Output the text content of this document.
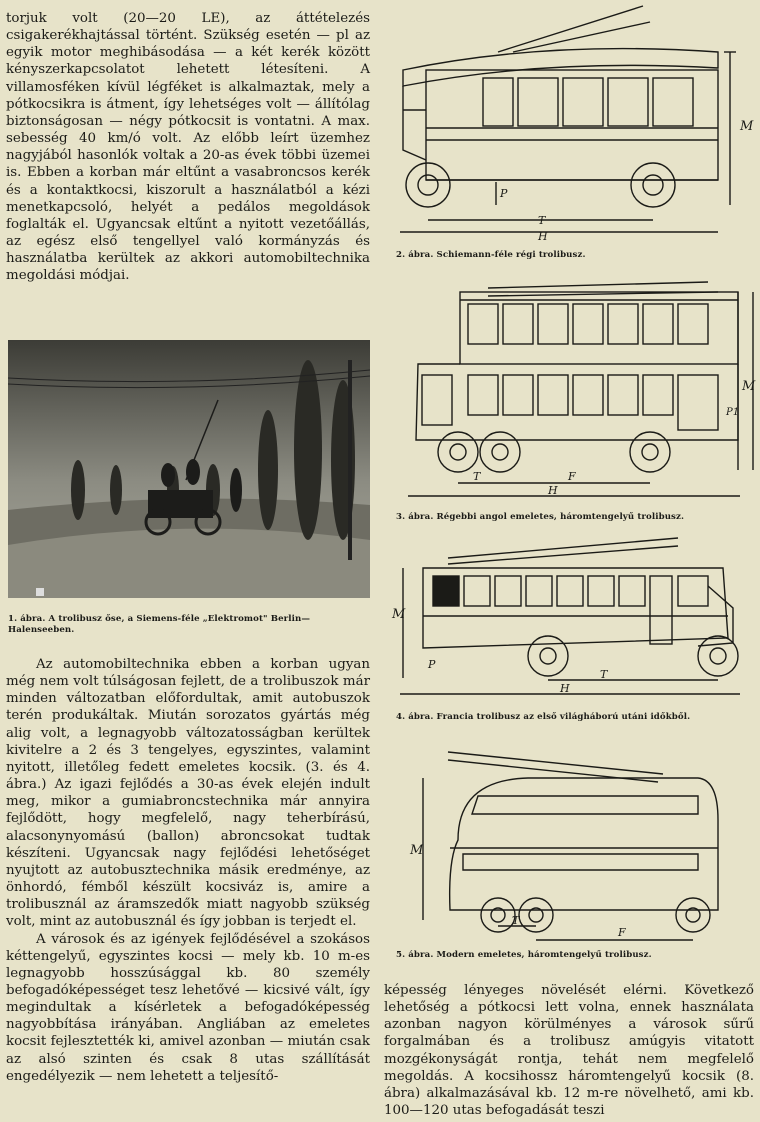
torjuk volt (20—20 LE), az áttételezés csigakerékhajtással történt. Szükség esetén — pl az egyik motor meghibásodása — a két kerék között kényszerkapcsolatot lehetett létesíteni. A villamosféken kívül légféket is alkalmaztak, mely a pótkocsikra is átment, így lehetséges volt — állítólag biztonságosan — négy pótkocsit is vontatni. A max. sebesség 40 km/ó volt. Az előbb leírt üzemhez nagyjából hasonlók voltak a 20-as évek többi üzemei is. Ebben a korban már eltűnt a vasabroncsos kerék és a kontaktkocsi, kiszorult a használatból a kézi menetkapcsoló, helyét a pedálos megoldások foglalták el. Ugyancsak eltűnt a nyitott vezetőállás, az egész első tengellyel való kormányzás és használatba kerültek az akkori automobiltechnika megoldási módjai.

1. ábra. A trolibusz őse, a Siemens-féle „Elektromot" Berlin—Halenseeben.

Az automobiltechnika ebben a korban ugyan még nem volt túlságosan fejlett, de a trolibuszok már minden változatban előfordultak, amit autobuszok terén produkáltak. Miután sorozatos gyártás még alig volt, a legnagyobb változatosságban kerültek kivitelre a 2 és 3 tengelyes, egyszintes, valamint nyitott, illetőleg fedett emeletes kocsik. (3. és 4. ábra.) Az igazi fejlődés a 30-as évek elején indult meg, mikor a gumiabroncstechnika már annyira fejlődött, hogy megfelelő, nagy teherbírású, alacsonynyomású (ballon) abroncsokat tudtak készíteni. Ugyancsak nagy fejlődési lehetőséget nyujtott az autobusztechnika másik eredménye, az önhordó, fémből készült kocsiváz is, amire a trolibusznál az áramszedők miatt nagyobb szükség volt, mint az autobusznál és így jobban is terjedt el.

A városok és az igények fejlődésével a szokásos kéttengelyű, egyszintes kocsi — mely kb. 10 m-es legnagyobb hosszúsággal kb. 80 személy befogadóképességet tesz lehetővé — kicsivé vált, így megindultak a kísérletek a befogadóképesség nagyobbítása irányában. Angliában az emeletes kocsit fejlesztették ki, amivel azonban — miután csak az alsó szinten és csak 8 utas szállítását engedélyezik — nem lehetett a teljesítő-

M
P
T
H
2. ábra. Schiemann-féle régi trolibusz.
M
P1
T	F
H
3. ábra. Régebbi angol emeletes, háromtengelyű trolibusz.
M
P
T
H
4. ábra. Francia trolibusz az első világháború utáni időkből.
M
T
F
5. ábra. Modern emeletes, háromtengelyű trolibusz.

képesség lényeges növelését elérni. Következő lehetőség a pótkocsi lett volna, ennek használata azonban nagyon körülményes a városok sűrű forgalmában és a trolibusz amúgyis vitatott mozgékonyságát rontja, tehát nem megfelelő megoldás. A kocsihossz háromtengelyű kocsik (8. ábra) alkalmazásával kb. 12 m-re növelhető, ami kb. 100—120 utas befogadását teszi
